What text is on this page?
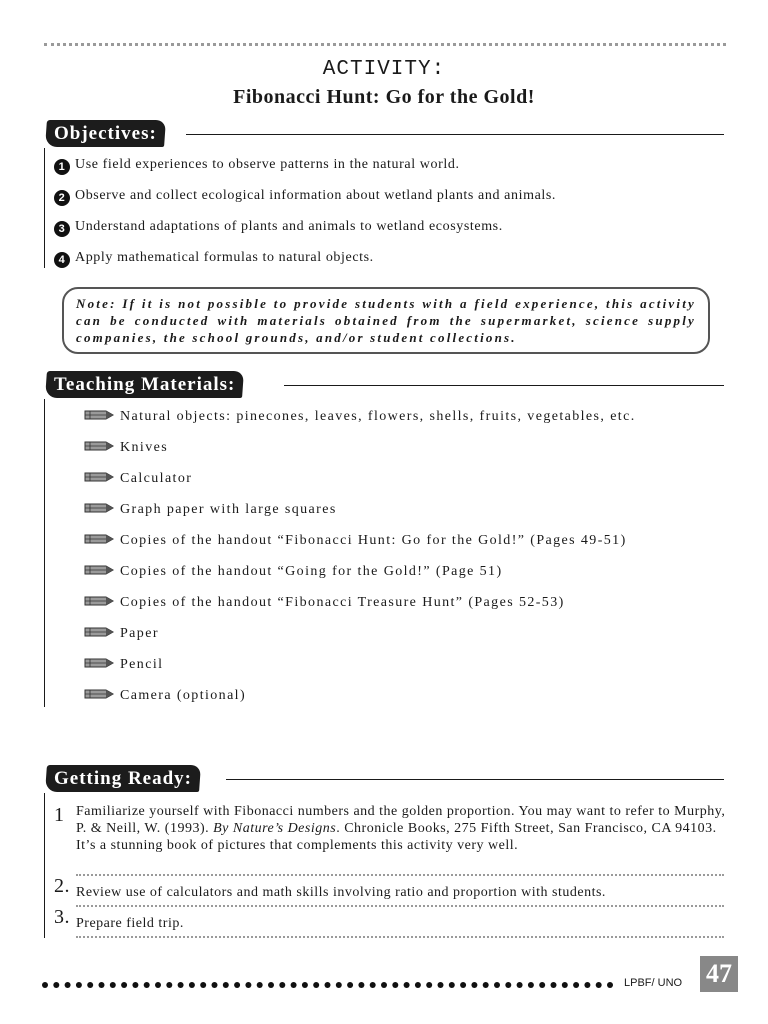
ACTIVITY:
Fibonacci Hunt: Go for the Gold!
Objectives:
1 Use field experiences to observe patterns in the natural world.
2 Observe and collect ecological information about wetland plants and animals.
3 Understand adaptations of plants and animals to wetland ecosystems.
4 Apply mathematical formulas to natural objects.
Note: If it is not possible to provide students with a field experience, this activity can be conducted with materials obtained from the supermarket, science supply companies, the school grounds, and/or student collections.
Teaching Materials:
Natural objects: pinecones, leaves, flowers, shells, fruits, vegetables, etc.
Knives
Calculator
Graph paper with large squares
Copies of the handout “Fibonacci Hunt: Go for the Gold!” (Pages 49-51)
Copies of the handout “Going for the Gold!” (Page 51)
Copies of the handout “Fibonacci Treasure Hunt” (Pages 52-53)
Paper
Pencil
Camera (optional)
Getting Ready:
1 Familiarize yourself with Fibonacci numbers and the golden proportion. You may want to refer to Murphy, P. & Neill, W. (1993). By Nature’s Designs. Chronicle Books, 275 Fifth Street, San Francisco, CA 94103. It’s a stunning book of pictures that complements this activity very well.
2. Review use of calculators and math skills involving ratio and proportion with students.
3. Prepare field trip.
LPBF/ UNO 47
